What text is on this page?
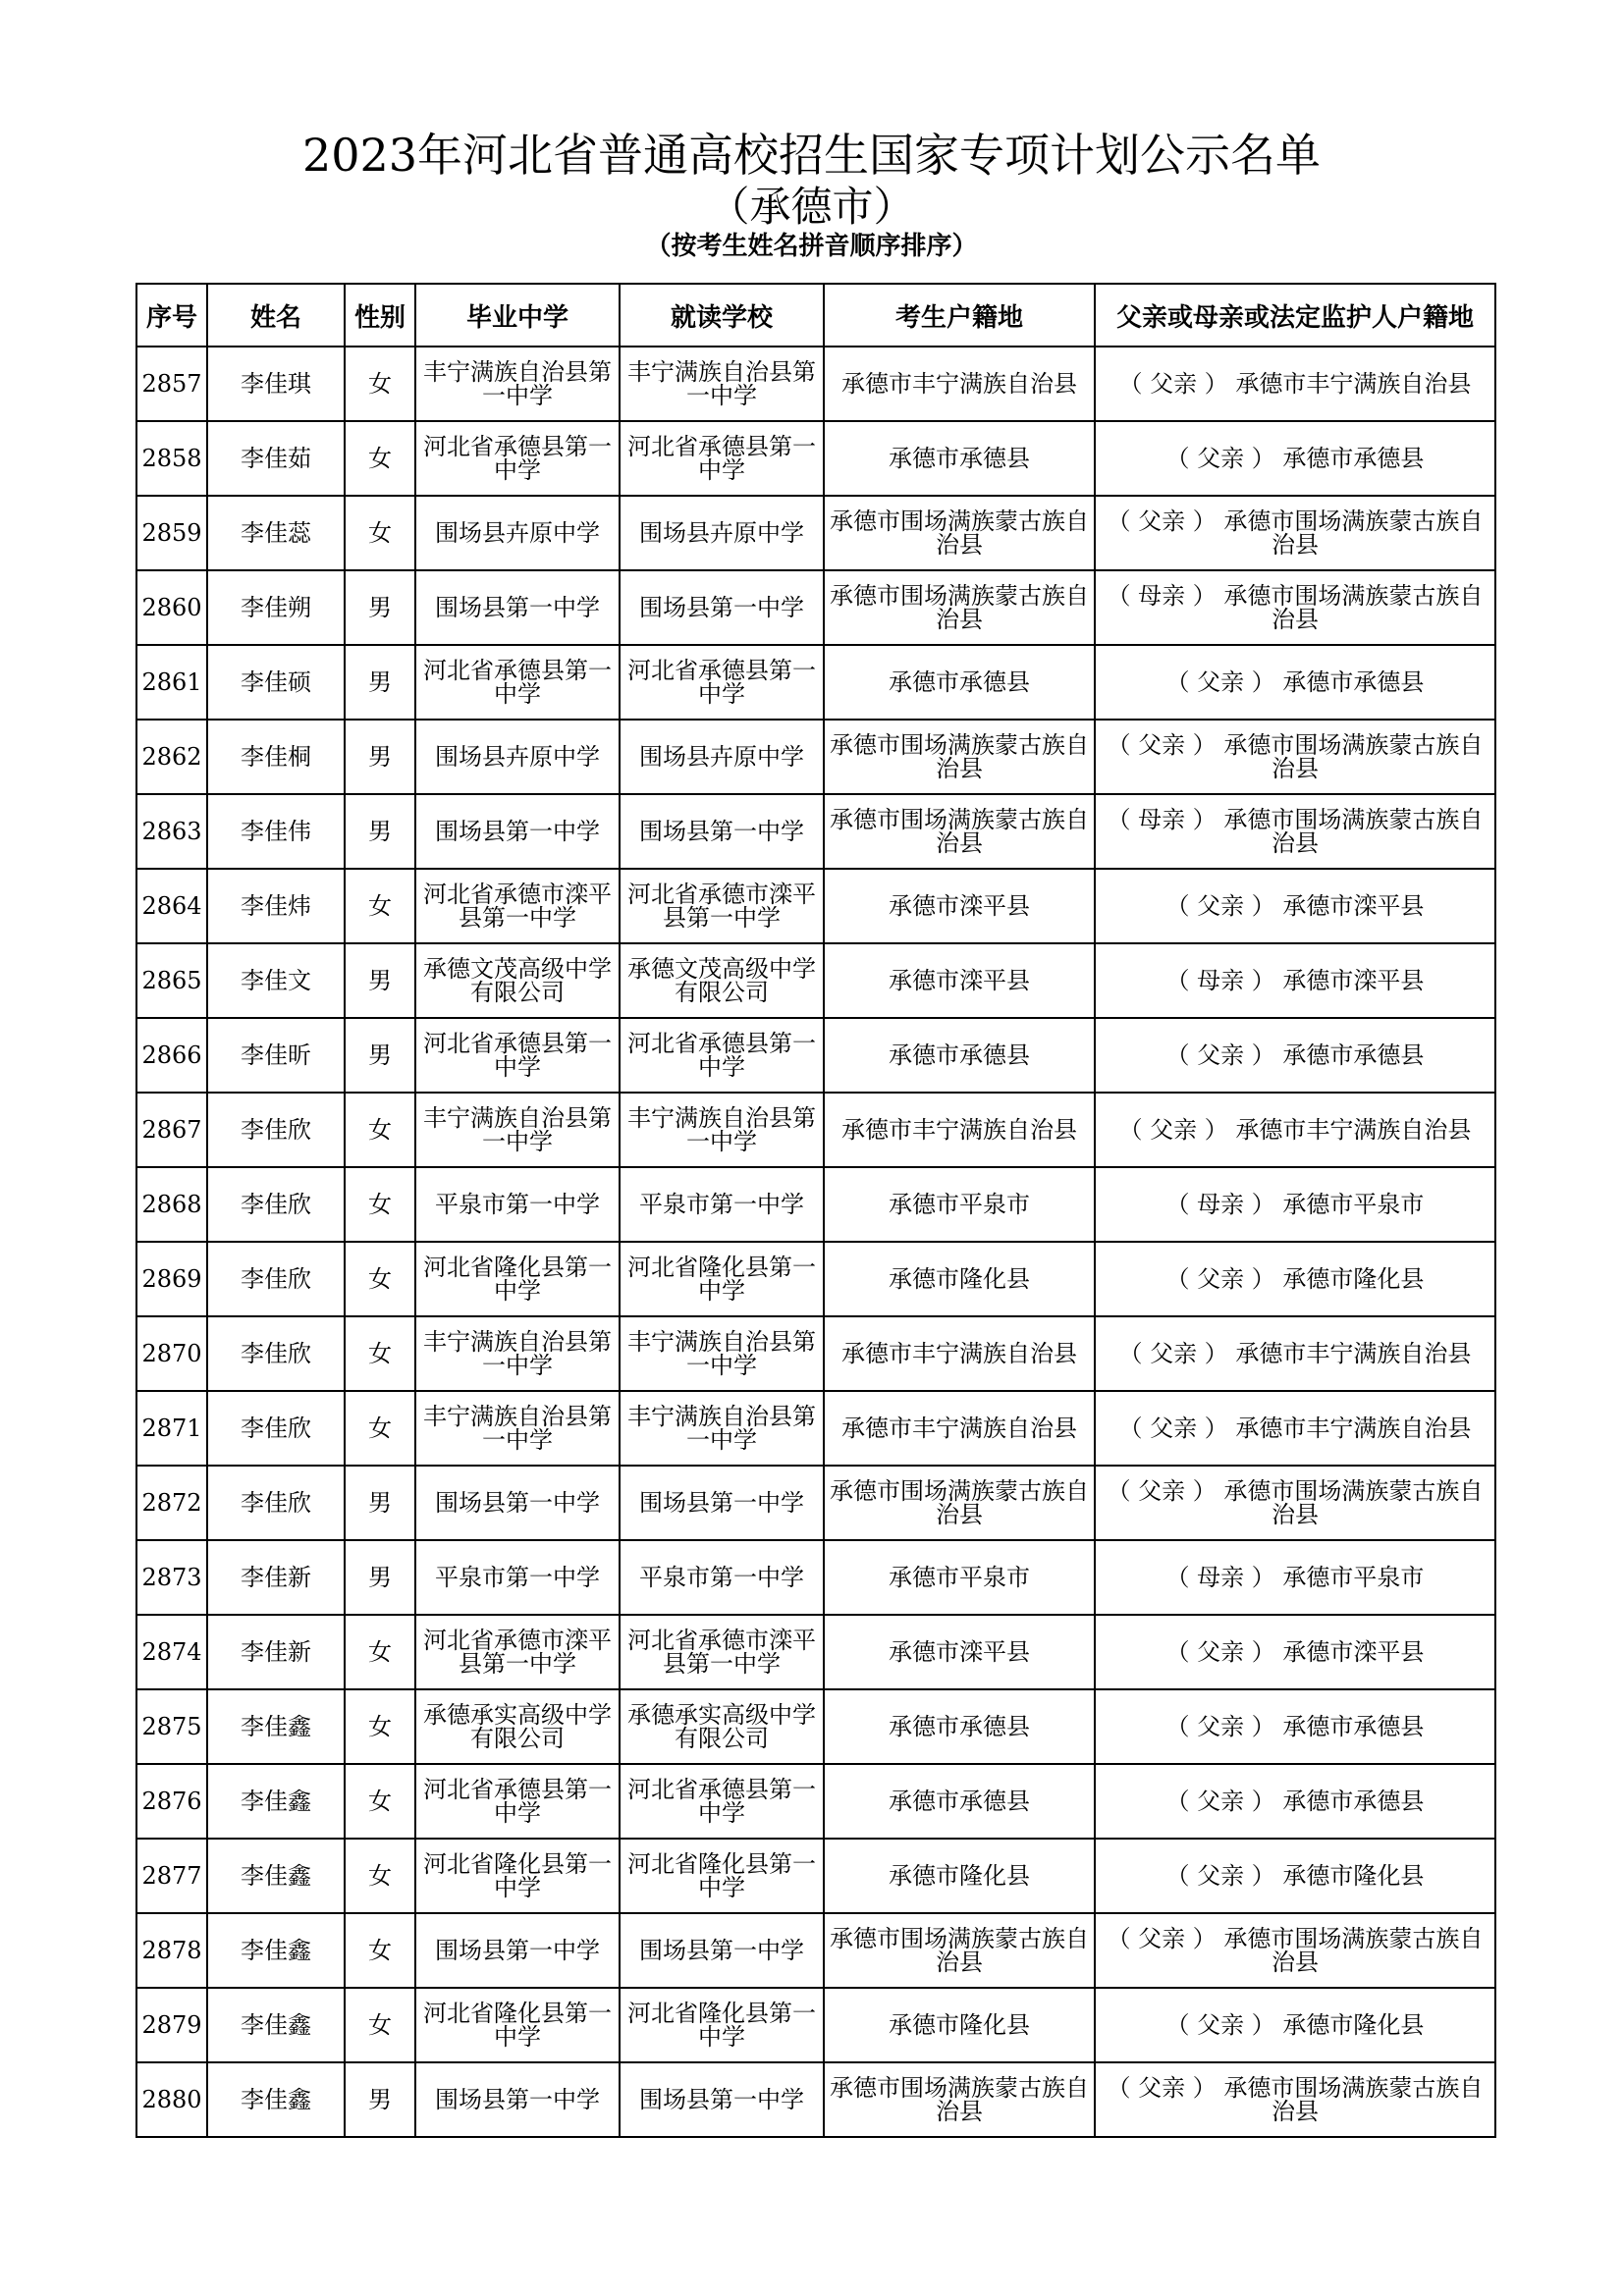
2023年河北省普通高校招生国家专项计划公示名单
（承德市）
（按考生姓名拼音顺序排序）
序号	姓名	性别	毕业中学	就读学校	考生户籍地	父亲或母亲或法定监护人户籍地
2857	李佳琪	女	丰宁满族自治县第一中学	丰宁满族自治县第一中学	承德市丰宁满族自治县	（ 父亲 ） 承德市丰宁满族自治县
2858	李佳茹	女	河北省承德县第一中学	河北省承德县第一中学	承德市承德县	（ 父亲 ） 承德市承德县
2859	李佳蕊	女	围场县卉原中学	围场县卉原中学	承德市围场满族蒙古族自治县	（ 父亲 ） 承德市围场满族蒙古族自治县
2860	李佳朔	男	围场县第一中学	围场县第一中学	承德市围场满族蒙古族自治县	（ 母亲 ） 承德市围场满族蒙古族自治县
2861	李佳硕	男	河北省承德县第一中学	河北省承德县第一中学	承德市承德县	（ 父亲 ） 承德市承德县
2862	李佳桐	男	围场县卉原中学	围场县卉原中学	承德市围场满族蒙古族自治县	（ 父亲 ） 承德市围场满族蒙古族自治县
2863	李佳伟	男	围场县第一中学	围场县第一中学	承德市围场满族蒙古族自治县	（ 母亲 ） 承德市围场满族蒙古族自治县
2864	李佳炜	女	河北省承德市滦平县第一中学	河北省承德市滦平县第一中学	承德市滦平县	（ 父亲 ） 承德市滦平县
2865	李佳文	男	承德文茂高级中学有限公司	承德文茂高级中学有限公司	承德市滦平县	（ 母亲 ） 承德市滦平县
2866	李佳昕	男	河北省承德县第一中学	河北省承德县第一中学	承德市承德县	（ 父亲 ） 承德市承德县
2867	李佳欣	女	丰宁满族自治县第一中学	丰宁满族自治县第一中学	承德市丰宁满族自治县	（ 父亲 ） 承德市丰宁满族自治县
2868	李佳欣	女	平泉市第一中学	平泉市第一中学	承德市平泉市	（ 母亲 ） 承德市平泉市
2869	李佳欣	女	河北省隆化县第一中学	河北省隆化县第一中学	承德市隆化县	（ 父亲 ） 承德市隆化县
2870	李佳欣	女	丰宁满族自治县第一中学	丰宁满族自治县第一中学	承德市丰宁满族自治县	（ 父亲 ） 承德市丰宁满族自治县
2871	李佳欣	女	丰宁满族自治县第一中学	丰宁满族自治县第一中学	承德市丰宁满族自治县	（ 父亲 ） 承德市丰宁满族自治县
2872	李佳欣	男	围场县第一中学	围场县第一中学	承德市围场满族蒙古族自治县	（ 父亲 ） 承德市围场满族蒙古族自治县
2873	李佳新	男	平泉市第一中学	平泉市第一中学	承德市平泉市	（ 母亲 ） 承德市平泉市
2874	李佳新	女	河北省承德市滦平县第一中学	河北省承德市滦平县第一中学	承德市滦平县	（ 父亲 ） 承德市滦平县
2875	李佳鑫	女	承德承实高级中学有限公司	承德承实高级中学有限公司	承德市承德县	（ 父亲 ） 承德市承德县
2876	李佳鑫	女	河北省承德县第一中学	河北省承德县第一中学	承德市承德县	（ 父亲 ） 承德市承德县
2877	李佳鑫	女	河北省隆化县第一中学	河北省隆化县第一中学	承德市隆化县	（ 父亲 ） 承德市隆化县
2878	李佳鑫	女	围场县第一中学	围场县第一中学	承德市围场满族蒙古族自治县	（ 父亲 ） 承德市围场满族蒙古族自治县
2879	李佳鑫	女	河北省隆化县第一中学	河北省隆化县第一中学	承德市隆化县	（ 父亲 ） 承德市隆化县
2880	李佳鑫	男	围场县第一中学	围场县第一中学	承德市围场满族蒙古族自治县	（ 父亲 ） 承德市围场满族蒙古族自治县
